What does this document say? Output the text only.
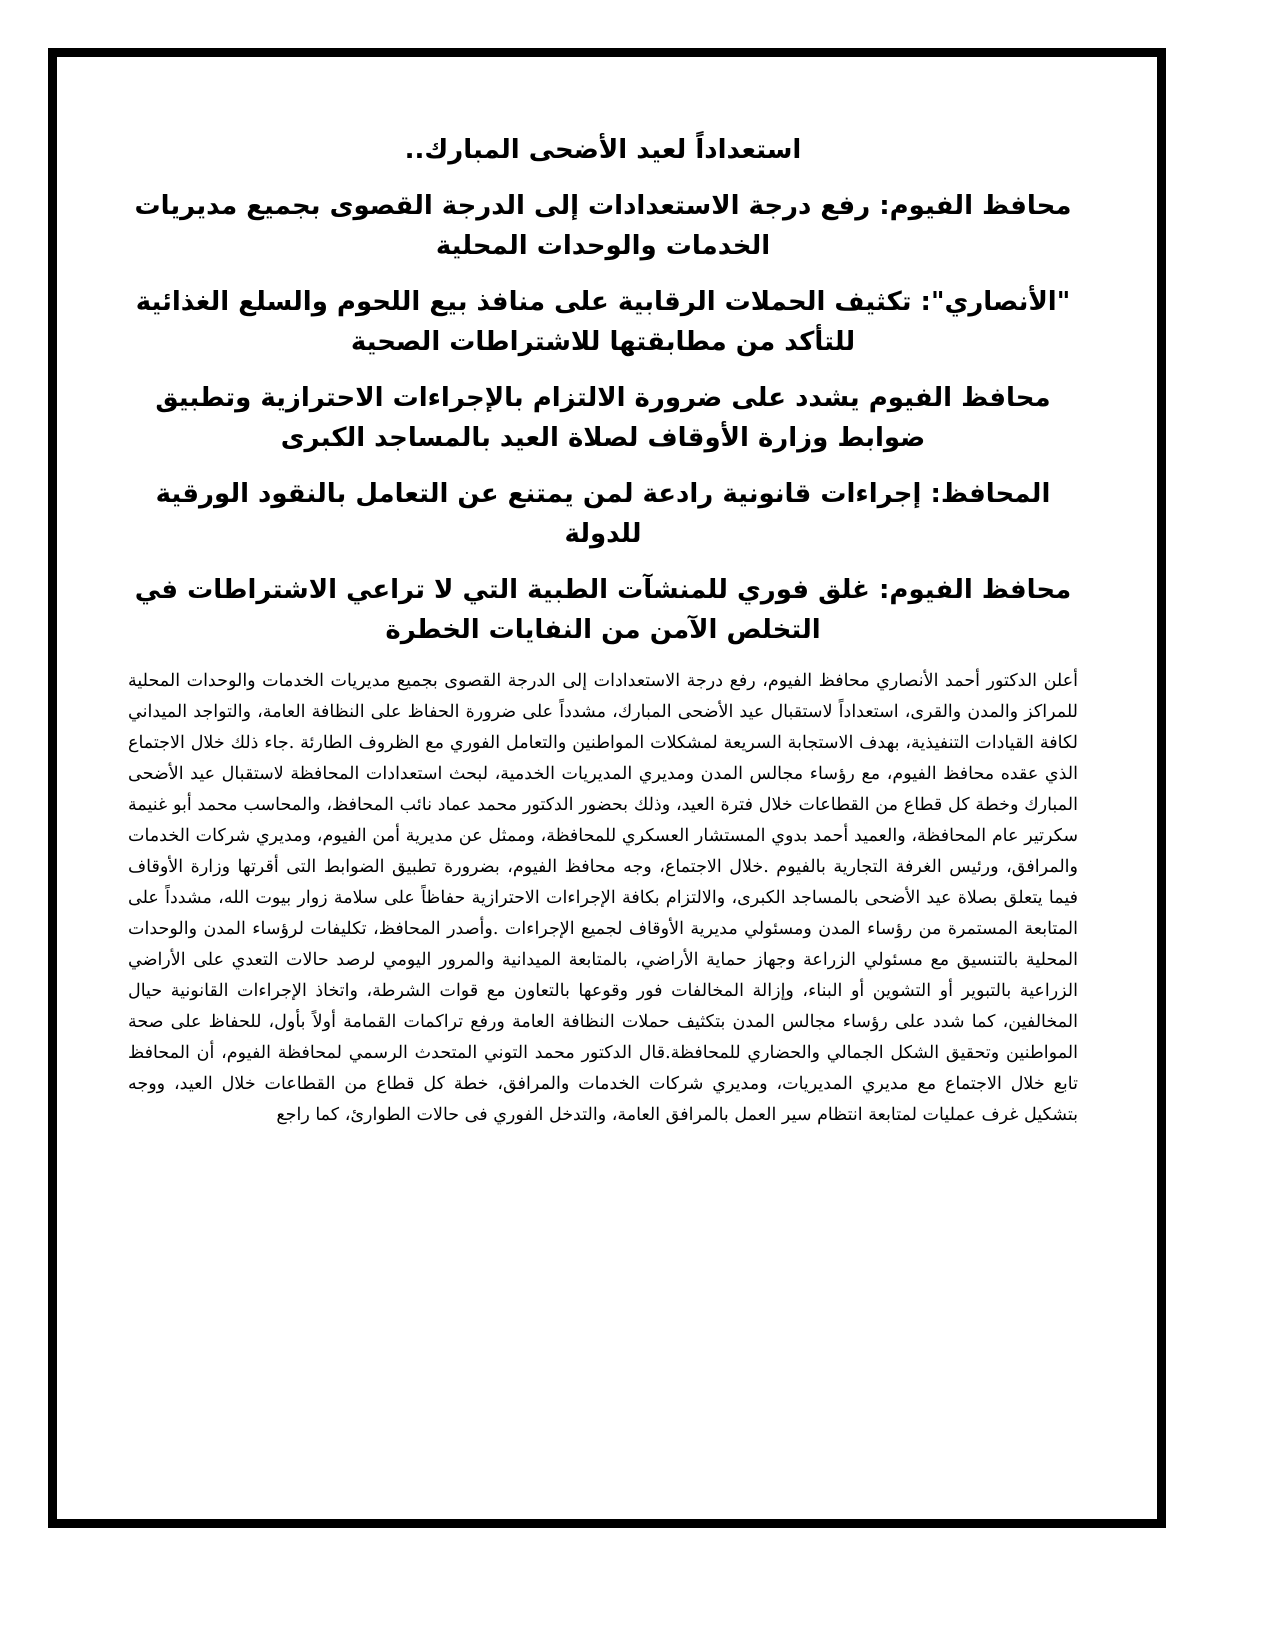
استعداداً لعيد الأضحى المبارك..

محافظ الفيوم: رفع درجة الاستعدادات إلى الدرجة القصوى بجميع مديريات الخدمات والوحدات المحلية

"الأنصاري": تكثيف الحملات الرقابية على منافذ بيع اللحوم والسلع الغذائية للتأكد من مطابقتها للاشتراطات الصحية

محافظ الفيوم يشدد على ضرورة الالتزام بالإجراءات الاحترازية وتطبيق ضوابط وزارة الأوقاف لصلاة العيد بالمساجد الكبرى

المحافظ: إجراءات قانونية رادعة لمن يمتنع عن التعامل بالنقود الورقية للدولة

محافظ الفيوم: غلق فوري للمنشآت الطبية التي لا تراعي الاشتراطات في التخلص الآمن من النفايات الخطرة

أعلن الدكتور أحمد الأنصاري محافظ الفيوم، رفع درجة الاستعدادات إلى الدرجة القصوى بجميع مديريات الخدمات والوحدات المحلية للمراكز والمدن والقرى، استعداداً لاستقبال عيد الأضحى المبارك، مشدداً على ضرورة الحفاظ على النظافة العامة، والتواجد الميداني لكافة القيادات التنفيذية، بهدف الاستجابة السريعة لمشكلات المواطنين والتعامل الفوري مع الظروف الطارئة .جاء ذلك خلال الاجتماع الذي عقده محافظ الفيوم، مع رؤساء مجالس المدن ومديري المديريات الخدمية، لبحث استعدادات المحافظة لاستقبال عيد الأضحى المبارك وخطة كل قطاع من القطاعات خلال فترة العيد، وذلك بحضور الدكتور محمد عماد نائب المحافظ، والمحاسب محمد أبو غنيمة سكرتير عام المحافظة، والعميد أحمد بدوي المستشار العسكري للمحافظة، وممثل عن مديرية أمن الفيوم، ومديري شركات الخدمات والمرافق، ورئيس الغرفة التجارية بالفيوم .خلال الاجتماع، وجه محافظ الفيوم، بضرورة تطبيق الضوابط التى أقرتها وزارة الأوقاف فيما يتعلق بصلاة عيد الأضحى بالمساجد الكبرى، والالتزام بكافة الإجراءات الاحترازية حفاظاً على سلامة زوار بيوت الله، مشدداً على المتابعة المستمرة من رؤساء المدن ومسئولي مديرية الأوقاف لجميع الإجراءات .وأصدر المحافظ، تكليفات لرؤساء المدن والوحدات المحلية بالتنسيق مع مسئولي الزراعة وجهاز حماية الأراضي، بالمتابعة الميدانية والمرور اليومي لرصد حالات التعدي على الأراضي الزراعية بالتبوير أو التشوين أو البناء، وإزالة المخالفات فور وقوعها بالتعاون مع قوات الشرطة، واتخاذ الإجراءات القانونية حيال المخالفين، كما شدد على رؤساء مجالس المدن بتكثيف حملات النظافة العامة ورفع تراكمات القمامة أولاً بأول، للحفاظ على صحة المواطنين وتحقيق الشكل الجمالي والحضاري للمحافظة.قال الدكتور محمد التوني المتحدث الرسمي لمحافظة الفيوم، أن المحافظ تابع خلال الاجتماع مع مديري المديريات، ومديري شركات الخدمات والمرافق، خطة كل قطاع من القطاعات خلال العيد، ووجه بتشكيل غرف عمليات لمتابعة انتظام سير العمل بالمرافق العامة، والتدخل الفوري فى حالات الطوارئ، كما راجع
